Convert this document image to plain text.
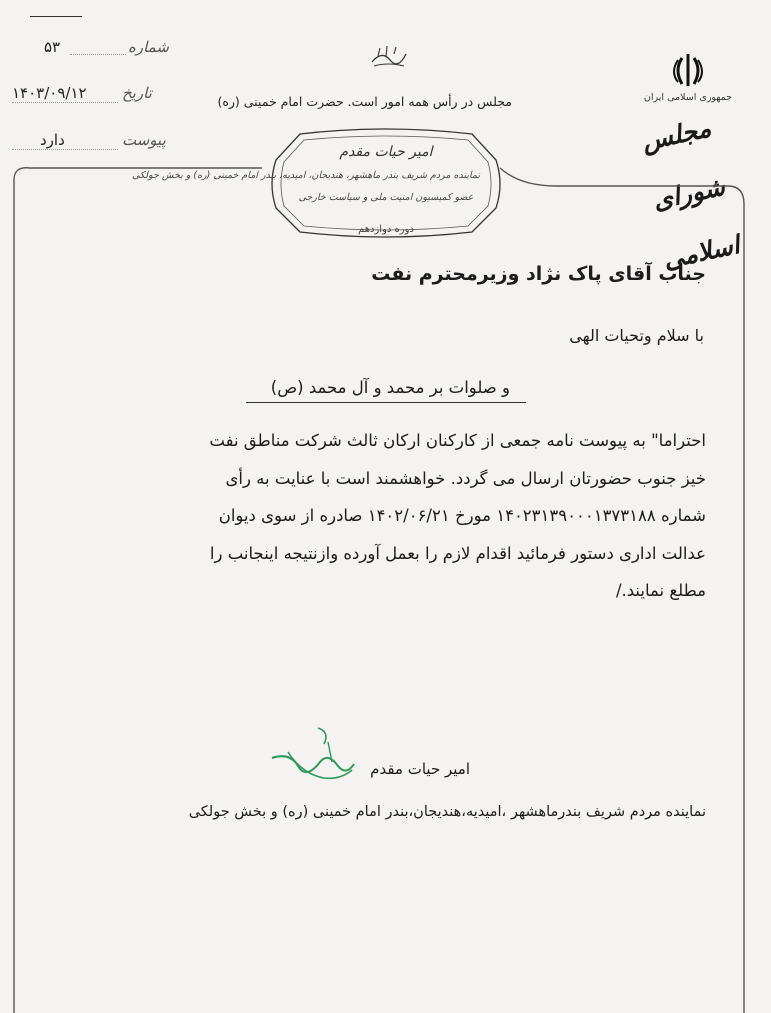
شماره
۵۳
تاریخ
۱۴۰۳/۰۹/۱۲
پیوست
دارد
مجلس در رأس همه امور است. حضرت امام خمینی (ره)
امیر حیات مقدم
نماینده مردم شریف بندر ماهشهر، هندیجان، امیدیه، بندر امام خمینی (ره) و بخش جولکی
عضو کمیسیون امنیت ملی و سیاست خارجی
دوره دوازدهم
جمهوری اسلامی ایران
مجلس شورای اسلامی
جناب آقای پاک نژاد وزیرمحترم نفت
با سلام وتحیات الهی
و صلوات بر محمد و آل محمد (ص)
احتراما" به پیوست نامه جمعی از کارکنان ارکان ثالث شرکت مناطق نفت
خیز جنوب حضورتان ارسال می گردد. خواهشمند است با عنایت به رأی
شماره ۱۴۰۲۳۱۳۹۰۰۰۱۳۷۳۱۸۸ مورخ ۱۴۰۲/۰۶/۲۱ صادره از سوی دیوان
عدالت اداری دستور فرمائید اقدام لازم را بعمل آورده وازنتیجه اینجانب را
مطلع نمایند./
امیر حیات مقدم
نماینده مردم شریف بندرماهشهر ،امیدیه،هندیجان،بندر امام خمینی (ره) و بخش جولکی
